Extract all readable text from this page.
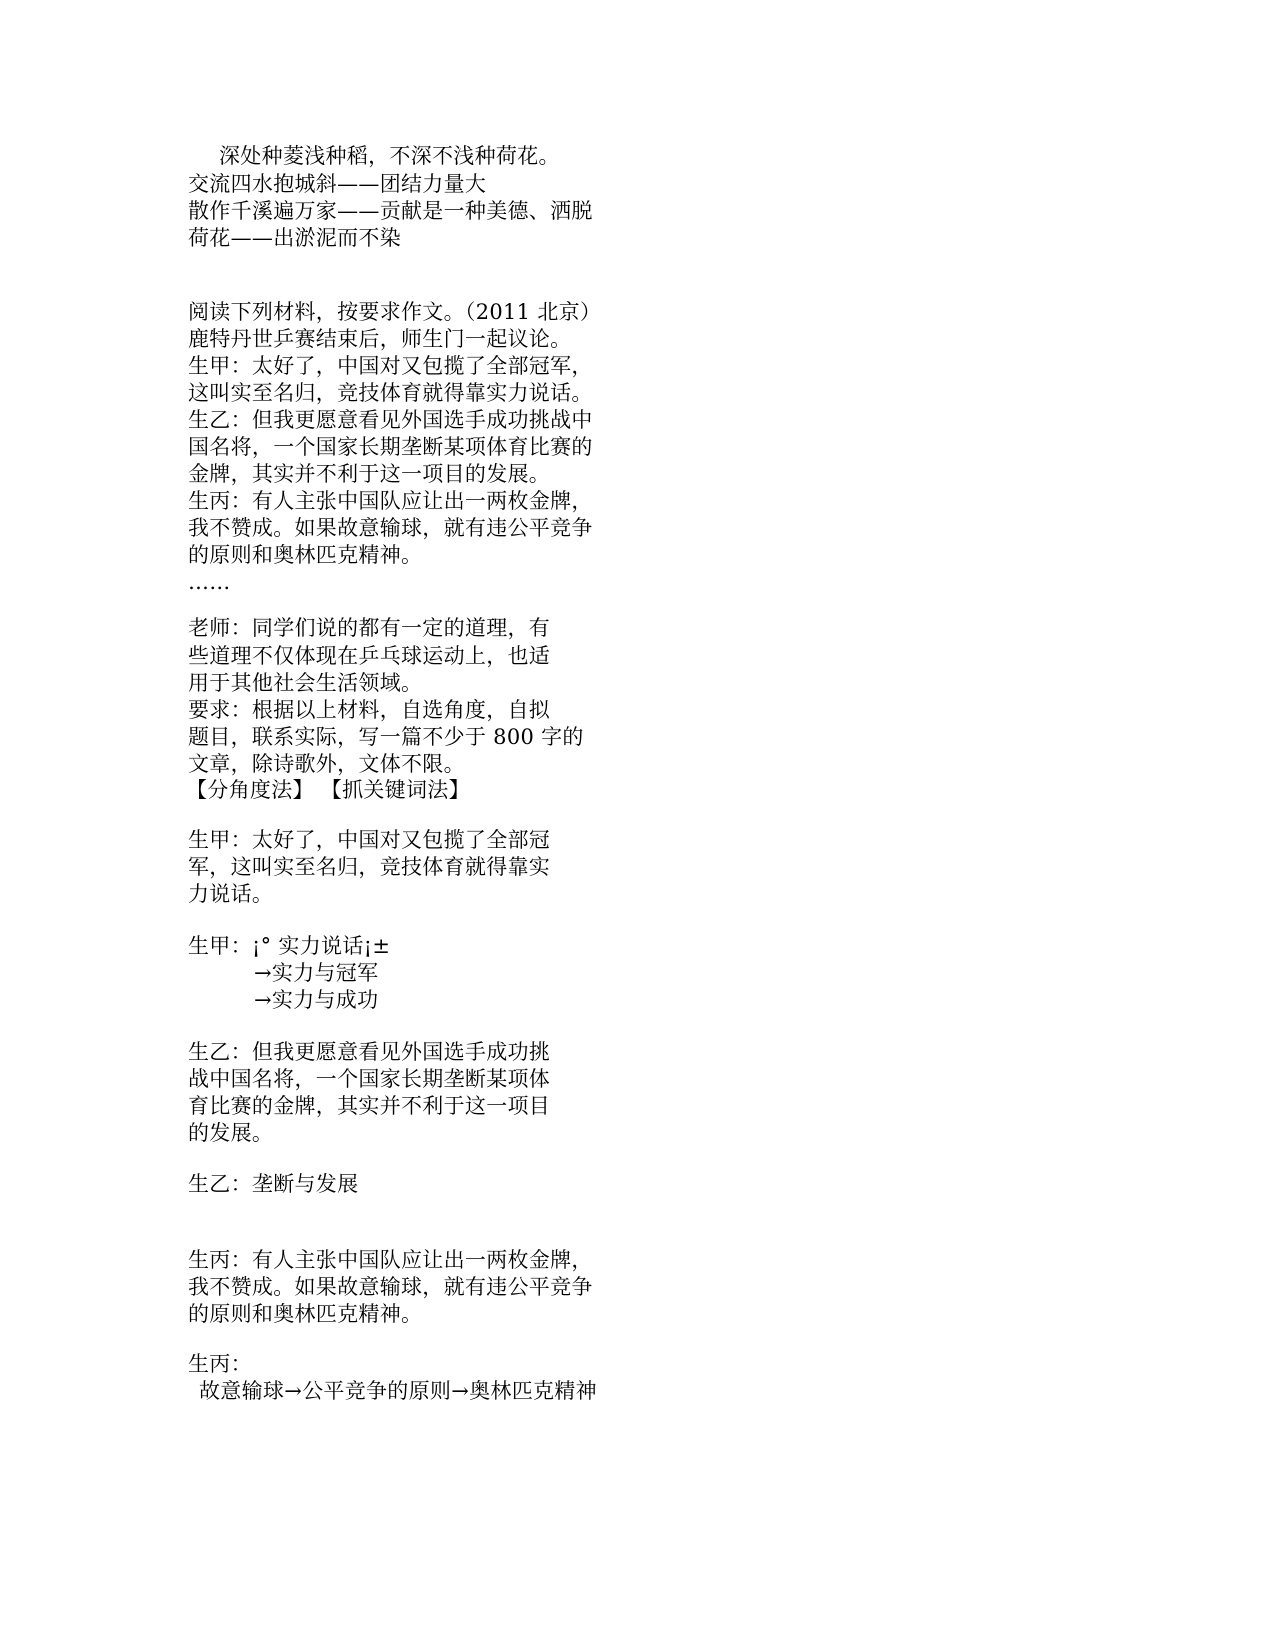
深处种菱浅种稻，不深不浅种荷花。
交流四水抱城斜——团结力量大
散作千溪遍万家——贡献是一种美德、洒脱
荷花——出淤泥而不染
阅读下列材料，按要求作文。（2011 北京）
鹿特丹世乒赛结束后，师生门一起议论。
生甲：太好了，中国对又包揽了全部冠军，
这叫实至名归，竞技体育就得靠实力说话。
生乙：但我更愿意看见外国选手成功挑战中
国名将，一个国家长期垄断某项体育比赛的
金牌，其实并不利于这一项目的发展。
生丙：有人主张中国队应让出一两枚金牌，
我不赞成。如果故意输球，就有违公平竞争
的原则和奥林匹克精神。
……
老师：同学们说的都有一定的道理，有
些道理不仅体现在乒乓球运动上，也适
用于其他社会生活领域。
要求：根据以上材料，自选角度，自拟
题目，联系实际，写一篇不少于 800 字的
文章，除诗歌外，文体不限。
【分角度法】 【抓关键词法】
生甲：太好了，中国对又包揽了全部冠
军，这叫实至名归，竞技体育就得靠实
力说话。
生甲：¡° 实力说话¡±
→实力与冠军
→实力与成功
生乙：但我更愿意看见外国选手成功挑
战中国名将，一个国家长期垄断某项体
育比赛的金牌，其实并不利于这一项目
的发展。
生乙：垄断与发展
生丙：有人主张中国队应让出一两枚金牌，
我不赞成。如果故意输球，就有违公平竞争
的原则和奥林匹克精神。
生丙：
故意输球→公平竞争的原则→奥林匹克精神
